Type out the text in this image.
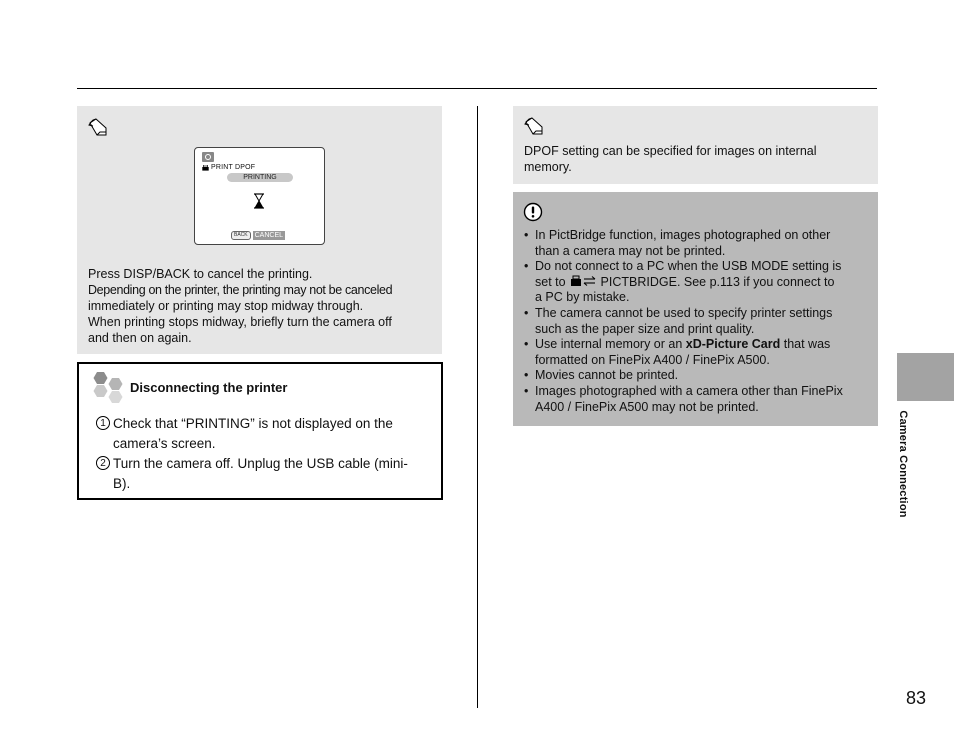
PRINT DPOF
PRINTING
BACK	CANCEL
Press DISP/BACK to cancel the printing.
Depending on the printer, the printing may not be canceled
immediately or printing may stop midway through.
When printing stops midway, briefly turn the camera off
and then on again.
Disconnecting the printer
1 Check that “PRINTING” is not displayed on the
camera’s screen.
2 Turn the camera off. Unplug the USB cable (mini-
B).
DPOF setting can be specified for images on internal
memory.
• In PictBridge function, images photographed on other
than a camera may not be printed.
• Do not connect to a PC when the USB MODE setting is
set to	PICTBRIDGE. See p.113 if you connect to
a PC by mistake.
• The camera cannot be used to specify printer settings
such as the paper size and print quality.
• Use internal memory or an xD-Picture Card that was
formatted on FinePix A400 / FinePix A500.
• Movies cannot be printed.
• Images photographed with a camera other than FinePix
A400 / FinePix A500 may not be printed.
Camera Connection
83
